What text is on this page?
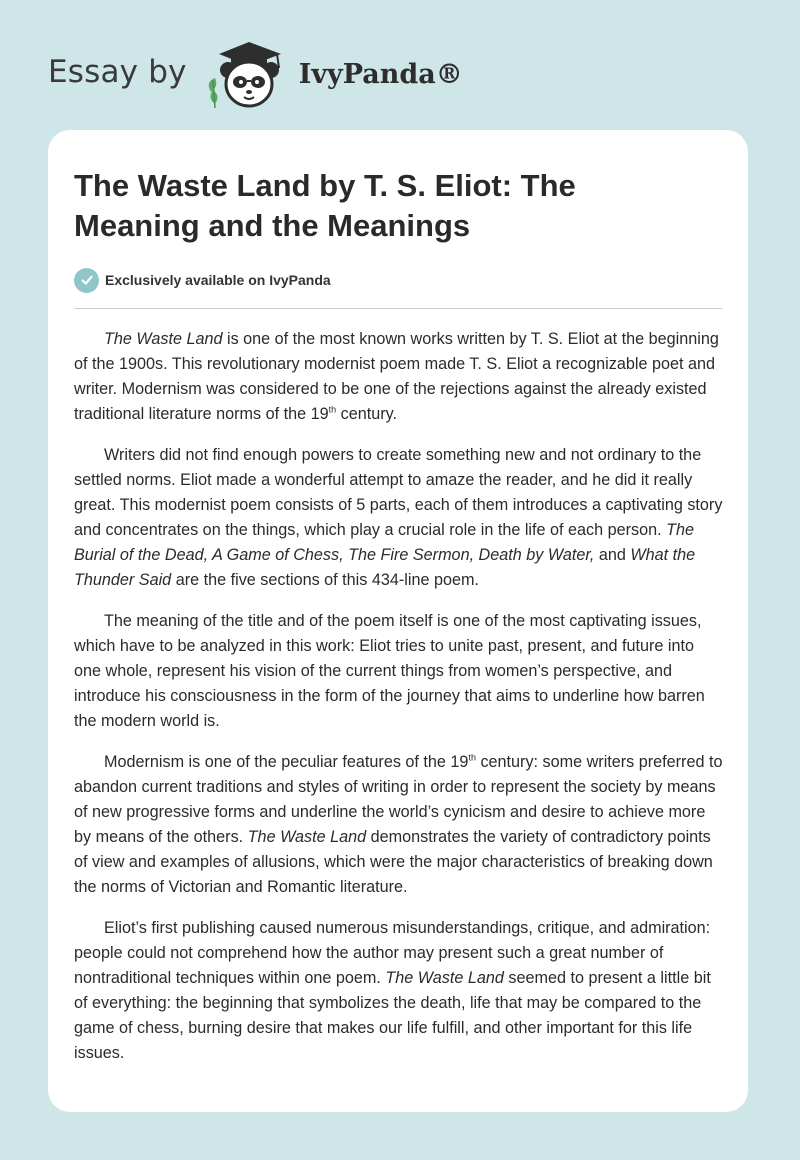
Essay by	IvyPanda®
The Waste Land by T. S. Eliot: The Meaning and the Meanings
Exclusively available on IvyPanda

The Waste Land is one of the most known works written by T. S. Eliot at the beginning of the 1900s. This revolutionary modernist poem made T. S. Eliot a recognizable poet and writer. Modernism was considered to be one of the rejections against the already existed traditional literature norms of the 19th century.

Writers did not find enough powers to create something new and not ordinary to the settled norms. Eliot made a wonderful attempt to amaze the reader, and he did it really great. This modernist poem consists of 5 parts, each of them introduces a captivating story and concentrates on the things, which play a crucial role in the life of each person. The Burial of the Dead, A Game of Chess, The Fire Sermon, Death by Water, and What the Thunder Said are the five sections of this 434-line poem.

The meaning of the title and of the poem itself is one of the most captivating issues, which have to be analyzed in this work: Eliot tries to unite past, present, and future into one whole, represent his vision of the current things from women’s perspective, and introduce his consciousness in the form of the journey that aims to underline how barren the modern world is.

Modernism is one of the peculiar features of the 19th century: some writers preferred to abandon current traditions and styles of writing in order to represent the society by means of new progressive forms and underline the world’s cynicism and desire to achieve more by means of the others. The Waste Land demonstrates the variety of contradictory points of view and examples of allusions, which were the major characteristics of breaking down the norms of Victorian and Romantic literature.

Eliot’s first publishing caused numerous misunderstandings, critique, and admiration: people could not comprehend how the author may present such a great number of nontraditional techniques within one poem. The Waste Land seemed to present a little bit of everything: the beginning that symbolizes the death, life that may be compared to the game of chess, burning desire that makes our life fulfill, and other important for this life issues.
